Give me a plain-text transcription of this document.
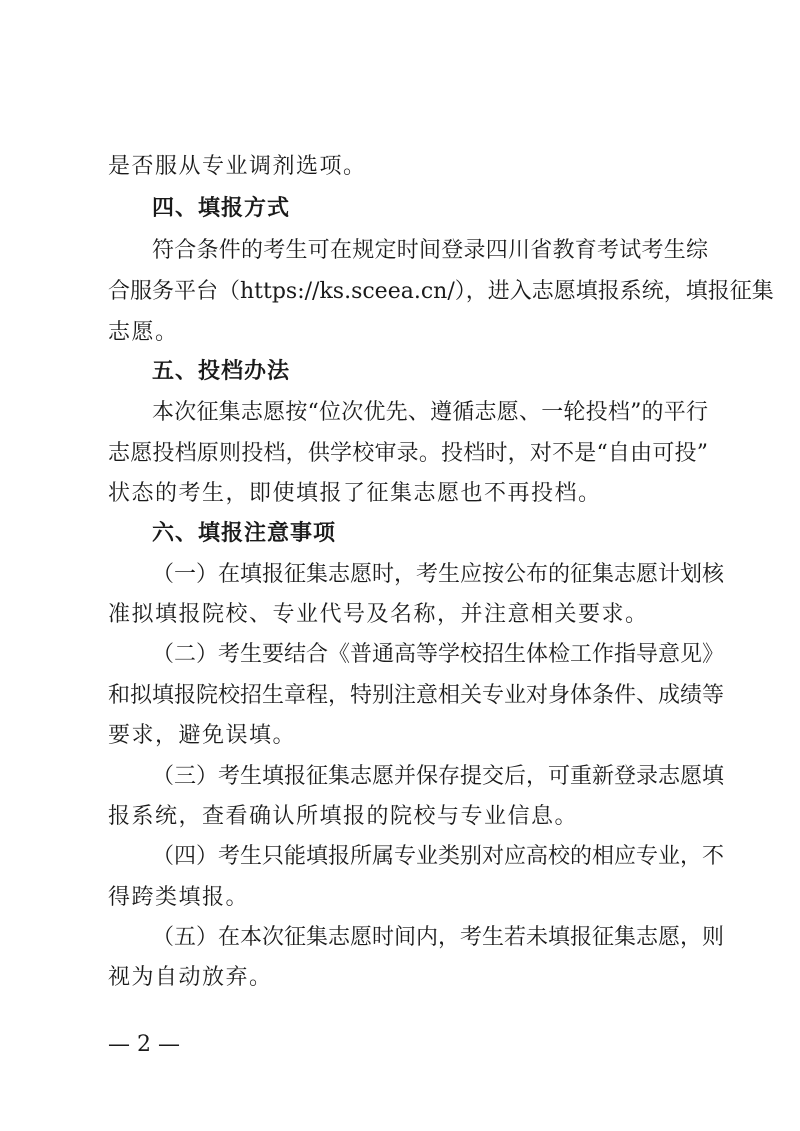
是否服从专业调剂选项。
四、填报方式
符合条件的考生可在规定时间登录四川省教育考试考生综
合服务平台（https://ks.sceea.cn/），进入志愿填报系统，填报征集
志愿。
五、投档办法
本次征集志愿按“位次优先、遵循志愿、一轮投档”的平行
志愿投档原则投档，供学校审录。投档时，对不是“自由可投”
状态的考生，即使填报了征集志愿也不再投档。
六、填报注意事项
（一）在填报征集志愿时，考生应按公布的征集志愿计划核
准拟填报院校、专业代号及名称，并注意相关要求。
（二）考生要结合《普通高等学校招生体检工作指导意见》
和拟填报院校招生章程，特别注意相关专业对身体条件、成绩等
要求，避免误填。
（三）考生填报征集志愿并保存提交后，可重新登录志愿填
报系统，查看确认所填报的院校与专业信息。
（四）考生只能填报所属专业类别对应高校的相应专业，不
得跨类填报。
（五）在本次征集志愿时间内，考生若未填报征集志愿，则
视为自动放弃。
— 2 —
